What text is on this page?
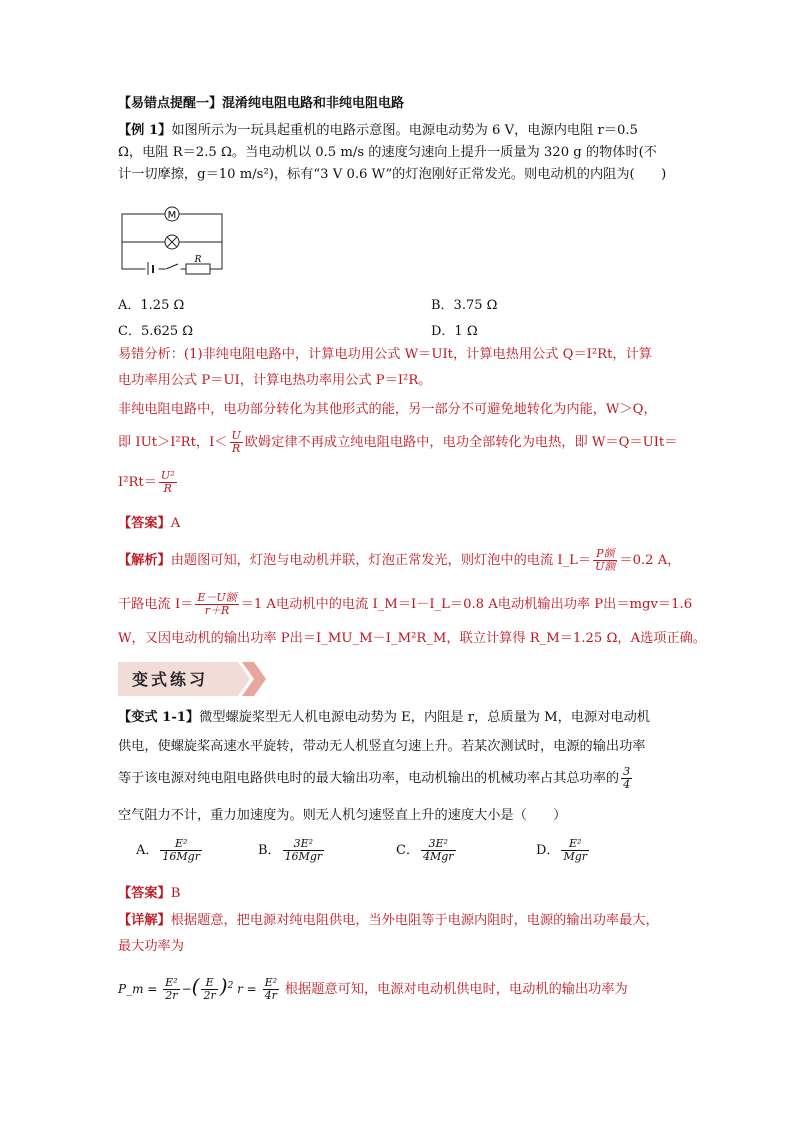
【易错点提醒一】混淆纯电阻电路和非纯电阻电路
【例 1】如图所示为一玩具起重机的电路示意图。电源电动势为 6 V，电源内电阻 r＝0.5
Ω，电阻 R＝2.5 Ω。当电动机以 0.5 m/s 的速度匀速向上提升一质量为 320 g 的物体时(不
计一切摩擦，g＝10 m/s²)，标有“3 V 0.6 W”的灯泡刚好正常发光。则电动机的内阻为(　　)
M
R
A．1.25 Ω	B．3.75 Ω
C．5.625 Ω	D．1 Ω
易错分析：(1)非纯电阻电路中，计算电功用公式 W＝UIt，计算电热用公式 Q＝I²Rt，计算
电功率用公式 P＝UI，计算电热功率用公式 P＝I²R。
非纯电阻电路中，电功部分转化为其他形式的能，另一部分不可避免地转化为内能，W＞Q，
即 IUt＞I²Rt，$I< \frac{U}{R}$ 欧姆定律不再成立纯电阻电路中，电功全部转化为电热，即 W＝Q＝UIt＝
$I^2Rt= \frac{\text{U²}}{R}$
【答案】A
【解析】由题图可知，灯泡与电动机并联，灯泡正常发光，则灯泡中的电流 I_L＝ $\frac{\text{P额}}{\text{U额}} =0.2$ A，
干路电流 $I= \frac{\text{E－U额}}{r+R} =1$ A电动机中的电流 I_M＝I－I_L＝0.8 A电动机输出功率 P出＝mgv＝1.6
W，又因电动机的输出功率 P出＝I_MU_M－I_M²R_M，联立计算得 R_M＝1.25 Ω，A选项正确。
变式练习
【变式 1-1】微型螺旋桨型无人机电源电动势为 E，内阻是 r，总质量为 M，电源对电动机
供电，使螺旋桨高速水平旋转，带动无人机竖直匀速上升。若某次测试时，电源的输出功率
等于该电源对纯电阻电路供电时的最大输出功率，电动机输出的机械功率占其总功率的 $\frac{3}{4}$
空气阻力不计，重力加速度为。则无人机匀速竖直上升的速度大小是（　　）
A． $\frac{\text{E²}}{\text{16Mgr}}$	B． $\frac{\text{3E²}}{\text{16Mgr}}$	C． $\frac{\text{3E²}}{\text{4Mgr}}$	D． $\frac{\text{E²}}{\text{Mgr}}$
【答案】B
【详解】根据题意，把电源对纯电阻供电，当外电阻等于电源内阻时，电源的输出功率最大，
最大功率为
P_m = $\frac{\text{E²}}{2r}$ −( $\frac{E}{2r} )^2$ $r = \frac{\text{E²}}{4r}$ 根据题意可知，电源对电动机供电时，电动机的输出功率为
